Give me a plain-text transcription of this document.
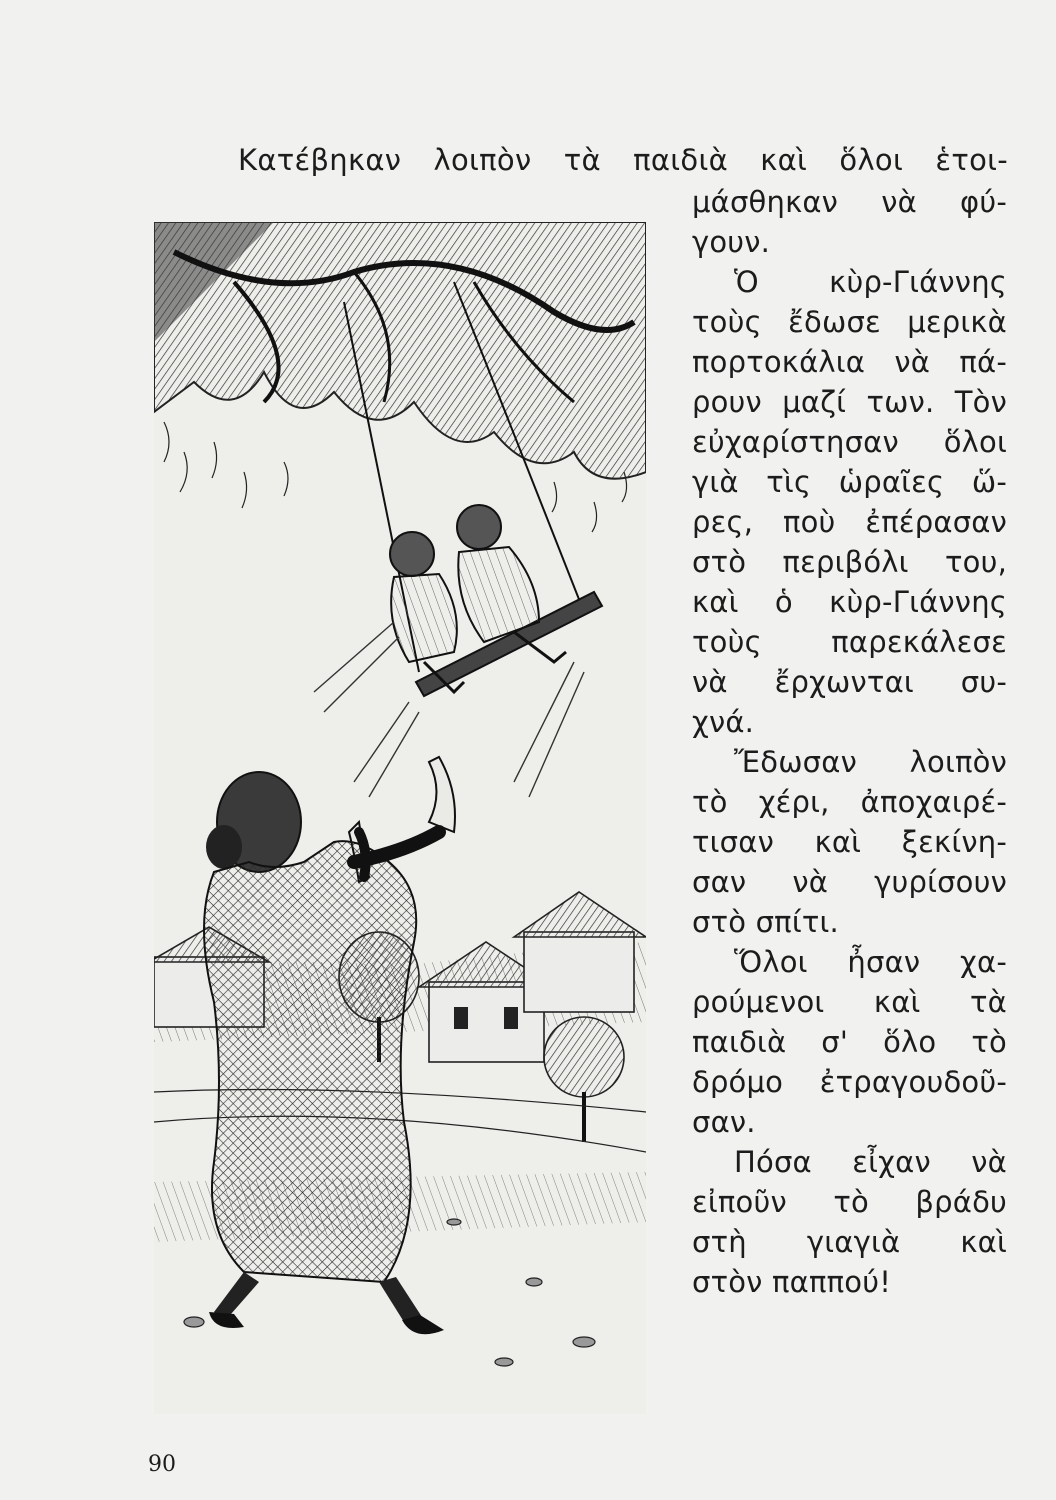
Κατέβηκαν λοιπὸν τὰ παιδιὰ καὶ ὅλοι ἑτοι-
μάσθηκαν νὰ φύ-
γουν.
Ὁ κὺρ-Γιάννης
τοὺς ἔδωσε μερικὰ
πορτοκάλια νὰ πά-
ρουν μαζί των. Τὸν
εὐχαρίστησαν ὅλοι
γιὰ τὶς ὡραῖες ὥ-
ρες, ποὺ ἐπέρασαν
στὸ περιβόλι του,
καὶ ὁ κὺρ-Γιάννης
τοὺς παρεκάλεσε
νὰ ἔρχωνται συ-
χνά.
Ἔδωσαν λοιπὸν
τὸ χέρι, ἀποχαιρέ-
τισαν καὶ ξεκίνη-
σαν νὰ γυρίσουν
στὸ σπίτι.
Ὅλοι ἦσαν χα-
ρούμενοι καὶ τὰ
παιδιὰ σ' ὅλο τὸ
δρόμο ἐτραγουδοῦ-
σαν.
Πόσα εἶχαν νὰ
εἰποῦν τὸ βράδυ
στὴ γιαγιὰ καὶ
στὸν παππού!
90
